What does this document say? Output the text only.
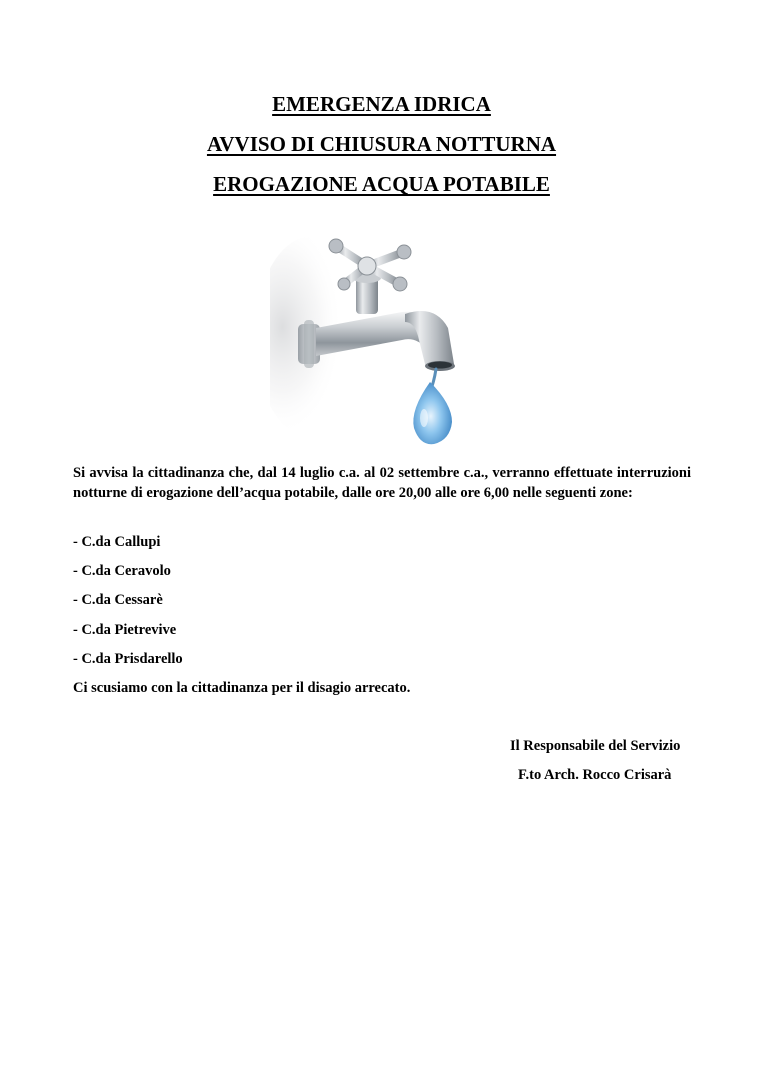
EMERGENZA IDRICA
AVVISO DI CHIUSURA NOTTURNA
EROGAZIONE ACQUA POTABILE
Si avvisa la cittadinanza che, dal 14 luglio c.a. al 02 settembre c.a., verranno effettuate interruzioni notturne di erogazione dell’acqua potabile, dalle ore 20,00 alle ore 6,00 nelle seguenti zone:
- C.da Callupi
- C.da Ceravolo
- C.da Cessarè
- C.da Pietrevive
- C.da Prisdarello
Ci scusiamo con la cittadinanza per il disagio arrecato.
Il Responsabile del Servizio
F.to Arch. Rocco Crisarà
